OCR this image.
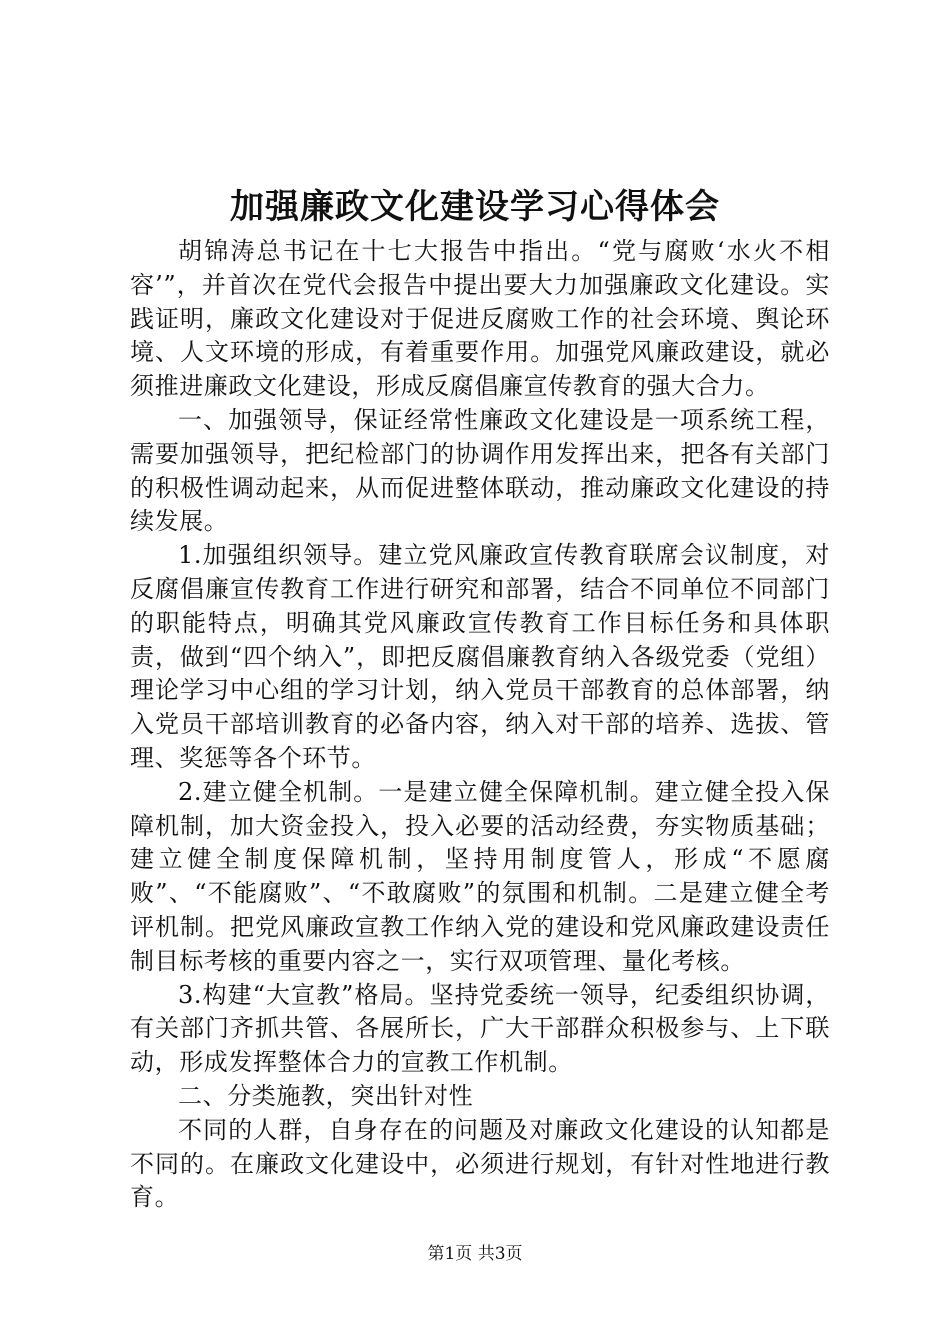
加强廉政文化建设学习心得体会

胡锦涛总书记在十七大报告中指出。“党与腐败‘水火不相容’”，并首次在党代会报告中提出要大力加强廉政文化建设。实践证明，廉政文化建设对于促进反腐败工作的社会环境、舆论环境、人文环境的形成，有着重要作用。加强党风廉政建设，就必须推进廉政文化建设，形成反腐倡廉宣传教育的强大合力。

一、加强领导，保证经常性廉政文化建设是一项系统工程，需要加强领导，把纪检部门的协调作用发挥出来，把各有关部门的积极性调动起来，从而促进整体联动，推动廉政文化建设的持续发展。

1.加强组织领导。建立党风廉政宣传教育联席会议制度，对反腐倡廉宣传教育工作进行研究和部署，结合不同单位不同部门的职能特点，明确其党风廉政宣传教育工作目标任务和具体职责，做到“四个纳入”，即把反腐倡廉教育纳入各级党委（党组）理论学习中心组的学习计划，纳入党员干部教育的总体部署，纳入党员干部培训教育的必备内容，纳入对干部的培养、选拔、管理、奖惩等各个环节。

2.建立健全机制。一是建立健全保障机制。建立健全投入保障机制，加大资金投入，投入必要的活动经费，夯实物质基础；建立健全制度保障机制，坚持用制度管人，形成“不愿腐败”、“不能腐败”、“不敢腐败”的氛围和机制。二是建立健全考评机制。把党风廉政宣教工作纳入党的建设和党风廉政建设责任制目标考核的重要内容之一，实行双项管理、量化考核。

3.构建“大宣教”格局。坚持党委统一领导，纪委组织协调，有关部门齐抓共管、各展所长，广大干部群众积极参与、上下联动，形成发挥整体合力的宣教工作机制。

二、分类施教，突出针对性

不同的人群，自身存在的问题及对廉政文化建设的认知都是不同的。在廉政文化建设中，必须进行规划，有针对性地进行教育。

第1页 共3页
